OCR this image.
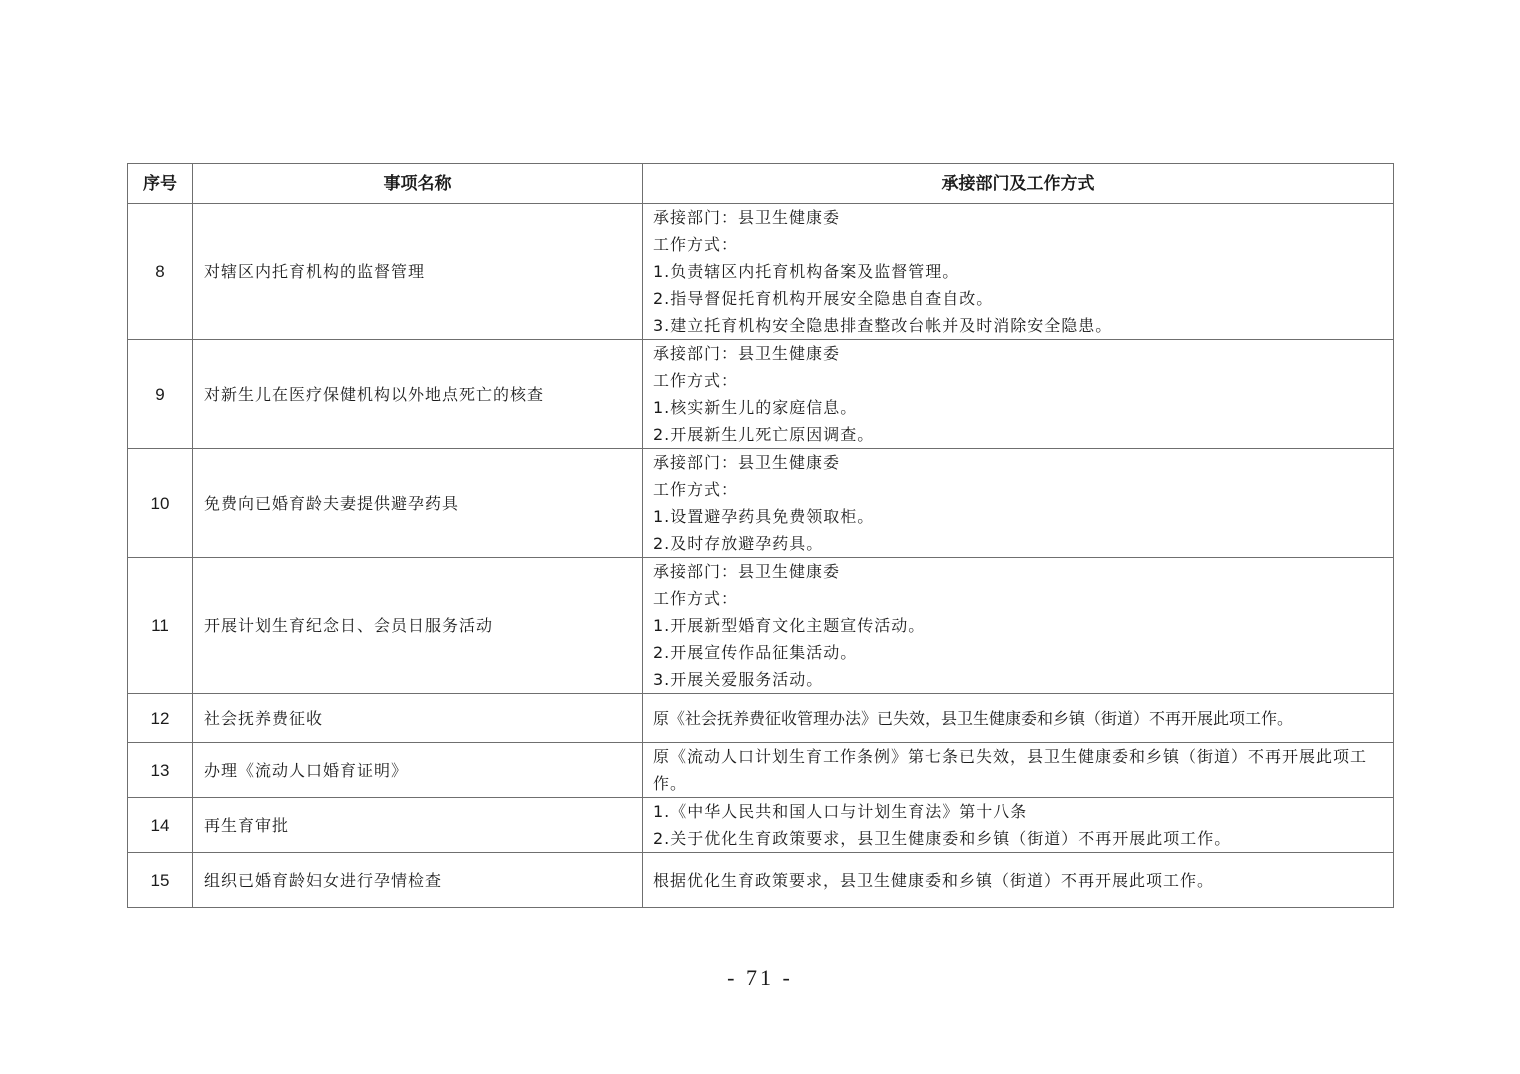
序号	事项名称	承接部门及工作方式
8	对辖区内托育机构的监督管理	承接部门：县卫生健康委
工作方式：
1.负责辖区内托育机构备案及监督管理。
2.指导督促托育机构开展安全隐患自查自改。
3.建立托育机构安全隐患排查整改台帐并及时消除安全隐患。

9	对新生儿在医疗保健机构以外地点死亡的核查	承接部门：县卫生健康委
工作方式：
1.核实新生儿的家庭信息。
2.开展新生儿死亡原因调查。

10	免费向已婚育龄夫妻提供避孕药具	承接部门：县卫生健康委
工作方式：
1.设置避孕药具免费领取柜。
2.及时存放避孕药具。

11	开展计划生育纪念日、会员日服务活动	承接部门：县卫生健康委
工作方式：
1.开展新型婚育文化主题宣传活动。
2.开展宣传作品征集活动。
3.开展关爱服务活动。

12	社会抚养费征收	原《社会抚养费征收管理办法》已失效，县卫生健康委和乡镇（街道）不再开展此项工作。

13	办理《流动人口婚育证明》	原《流动人口计划生育工作条例》第七条已失效，县卫生健康委和乡镇（街道）不再开展此项工作。

14	再生育审批	1.《中华人民共和国人口与计划生育法》第十八条
2.关于优化生育政策要求，县卫生健康委和乡镇（街道）不再开展此项工作。

15	组织已婚育龄妇女进行孕情检查	根据优化生育政策要求，县卫生健康委和乡镇（街道）不再开展此项工作。
- 71 -
